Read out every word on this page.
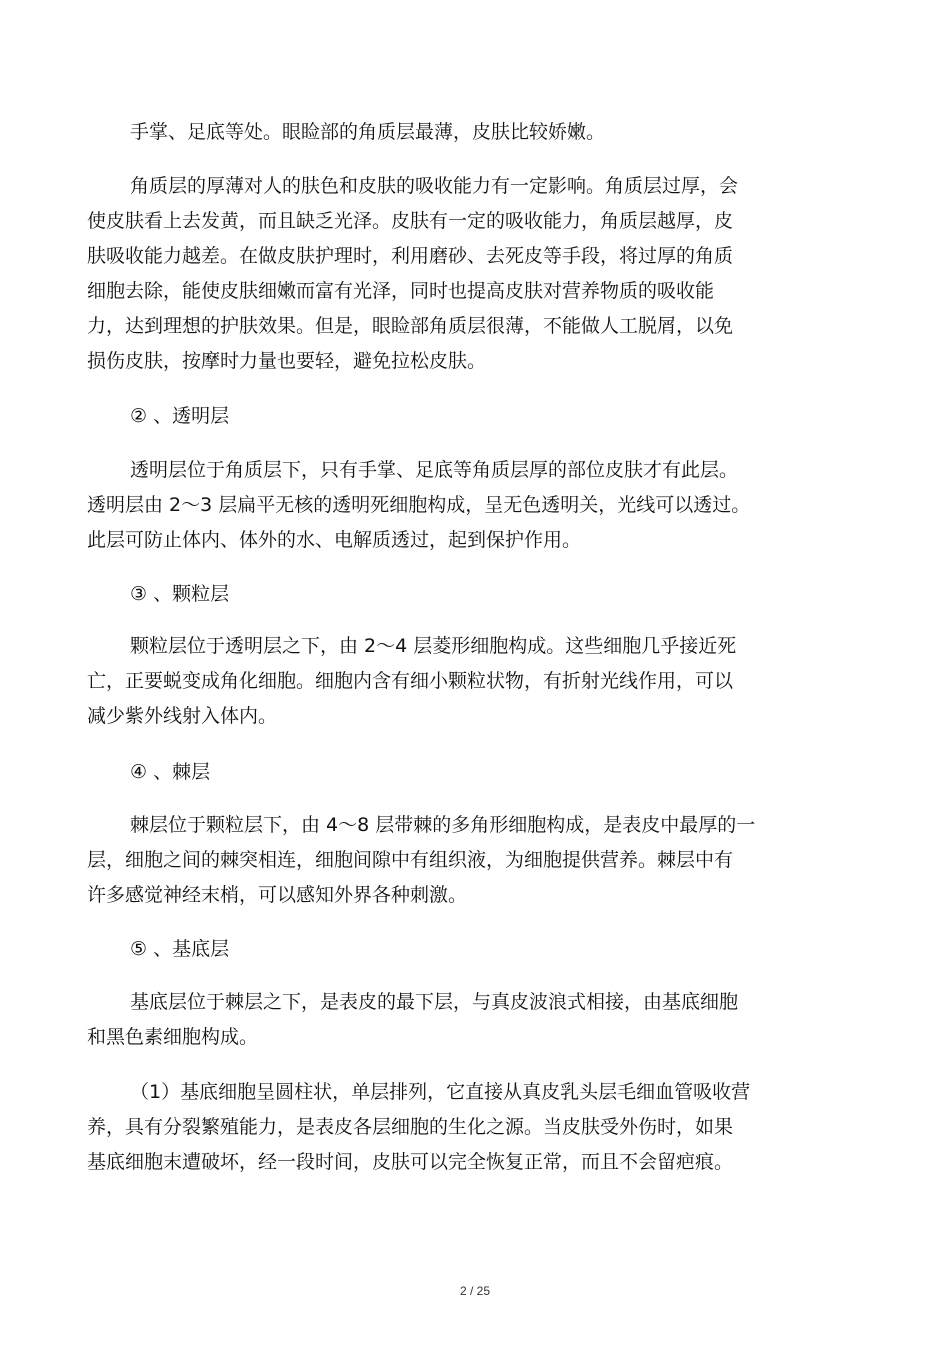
手掌、足底等处。眼睑部的角质层最薄，皮肤比较娇嫩。
角质层的厚薄对人的肤色和皮肤的吸收能力有一定影响。角质层过厚，会
使皮肤看上去发黄，而且缺乏光泽。皮肤有一定的吸收能力，角质层越厚，皮
肤吸收能力越差。在做皮肤护理时，利用磨砂、去死皮等手段，将过厚的角质
细胞去除，能使皮肤细嫩而富有光泽，同时也提高皮肤对营养物质的吸收能
力，达到理想的护肤效果。但是，眼睑部角质层很薄，不能做人工脱屑，以免
损伤皮肤，按摩时力量也要轻，避免拉松皮肤。
② 、透明层
透明层位于角质层下，只有手掌、足底等角质层厚的部位皮肤才有此层。
透明层由 2～3 层扁平无核的透明死细胞构成，呈无色透明关，光线可以透过。
此层可防止体内、体外的水、电解质透过，起到保护作用。
③ 、颗粒层
颗粒层位于透明层之下，由 2～4 层菱形细胞构成。这些细胞几乎接近死
亡，正要蜕变成角化细胞。细胞内含有细小颗粒状物，有折射光线作用，可以
减少紫外线射入体内。
④ 、棘层
棘层位于颗粒层下，由 4～8 层带棘的多角形细胞构成，是表皮中最厚的一
层，细胞之间的棘突相连，细胞间隙中有组织液，为细胞提供营养。棘层中有
许多感觉神经末梢，可以感知外界各种刺激。
⑤ 、基底层
基底层位于棘层之下，是表皮的最下层，与真皮波浪式相接，由基底细胞
和黑色素细胞构成。
（1）基底细胞呈圆柱状，单层排列，它直接从真皮乳头层毛细血管吸收营
养，具有分裂繁殖能力，是表皮各层细胞的生化之源。当皮肤受外伤时，如果
基底细胞末遭破坏，经一段时间，皮肤可以完全恢复正常，而且不会留疤痕。
2 / 25
